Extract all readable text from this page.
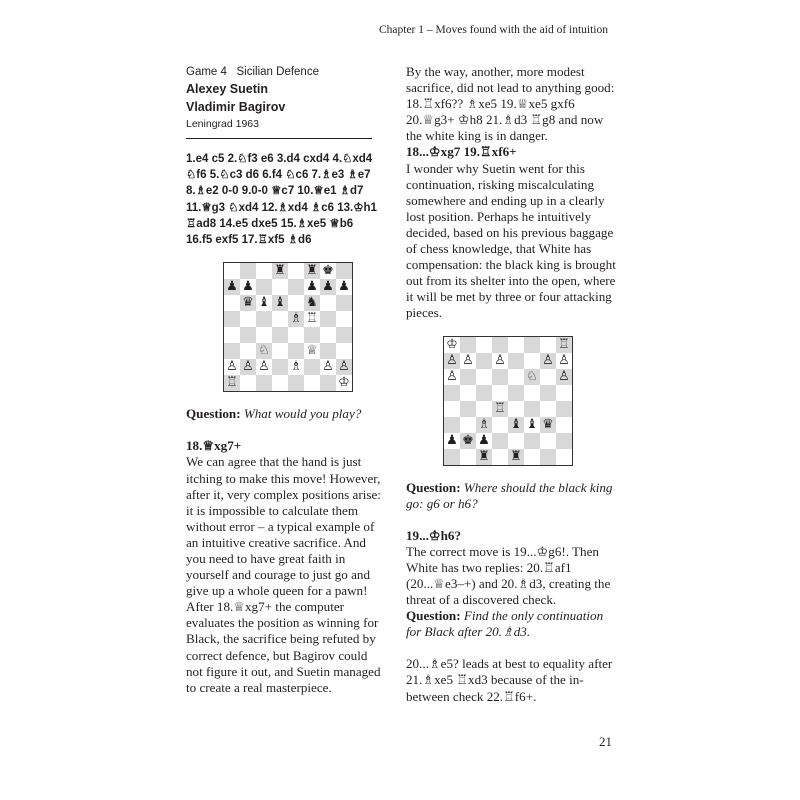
Chapter 1 – Moves found with the aid of intuition
Game 4 Sicilian Defence
Alexey Suetin
Vladimir Bagirov
Leningrad 1963
1.e4 c5 2.♘f3 e6 3.d4 cxd4 4.♘xd4
♘f6 5.♘c3 d6 6.f4 ♘c6 7.♗e3 ♗e7
8.♗e2 0-0 9.0-0 ♕c7 10.♕e1 ♗d7
11.♕g3 ♘xd4 12.♗xd4 ♗c6 13.♔h1
♖ad8 14.e5 dxe5 15.♗xe5 ♕b6
16.f5 exf5 17.♖xf5 ♗d6
♜ ♜ ♚
♟ ♟	♟ ♟ ♟
♛ ♝ ♝ ♞
♗ ♖
♘	♕
♙ ♙ ♙ ♗ ♙ ♙
♖	♔

Question: What would you play?

18.♕xg7+

We can agree that the hand is just itching to make this move! However, after it, very complex positions arise: it is impossible to calculate them without error – a typical example of an intuitive creative sacrifice. And you need to have great faith in yourself and courage to just go and give up a whole queen for a pawn!

After 18.♕xg7+ the computer evaluates the position as winning for Black, the sacrifice being refuted by correct defence, but Bagirov could not figure it out, and Suetin managed to create a real masterpiece.

By the way, another, more modest sacrifice, did not lead to anything good: 18.♖xf6?? ♗xe5 19.♕xe5 gxf6 20.♕g3+ ♔h8 21.♗d3 ♖g8 and now the white king is in danger.

18...♔xg7 19.♖xf6+

I wonder why Suetin went for this continuation, risking miscalculating somewhere and ending up in a clearly lost position. Perhaps he intuitively decided, based on his previous baggage of chess knowledge, that White has compensation: the black king is brought out from its shelter into the open, where it will be met by three or four attacking pieces.

♔	♖
♙ ♙ ♙	♙ ♙
♙	♘ ♙
♖
♗ ♝ ♝ ♛
♟ ♚ ♟
♜ ♜

Question: Where should the black king go: g6 or h6?

19...♔h6?

The correct move is 19...♔g6!. Then White has two replies: 20.♖af1 (20...♕e3–+) and 20.♗d3, creating the threat of a discovered check.

Question: Find the only continuation for Black after 20.♗d3.

20...♗e5? leads at best to equality after 21.♗xe5 ♖xd3 because of the in-between check 22.♖f6+.

21
